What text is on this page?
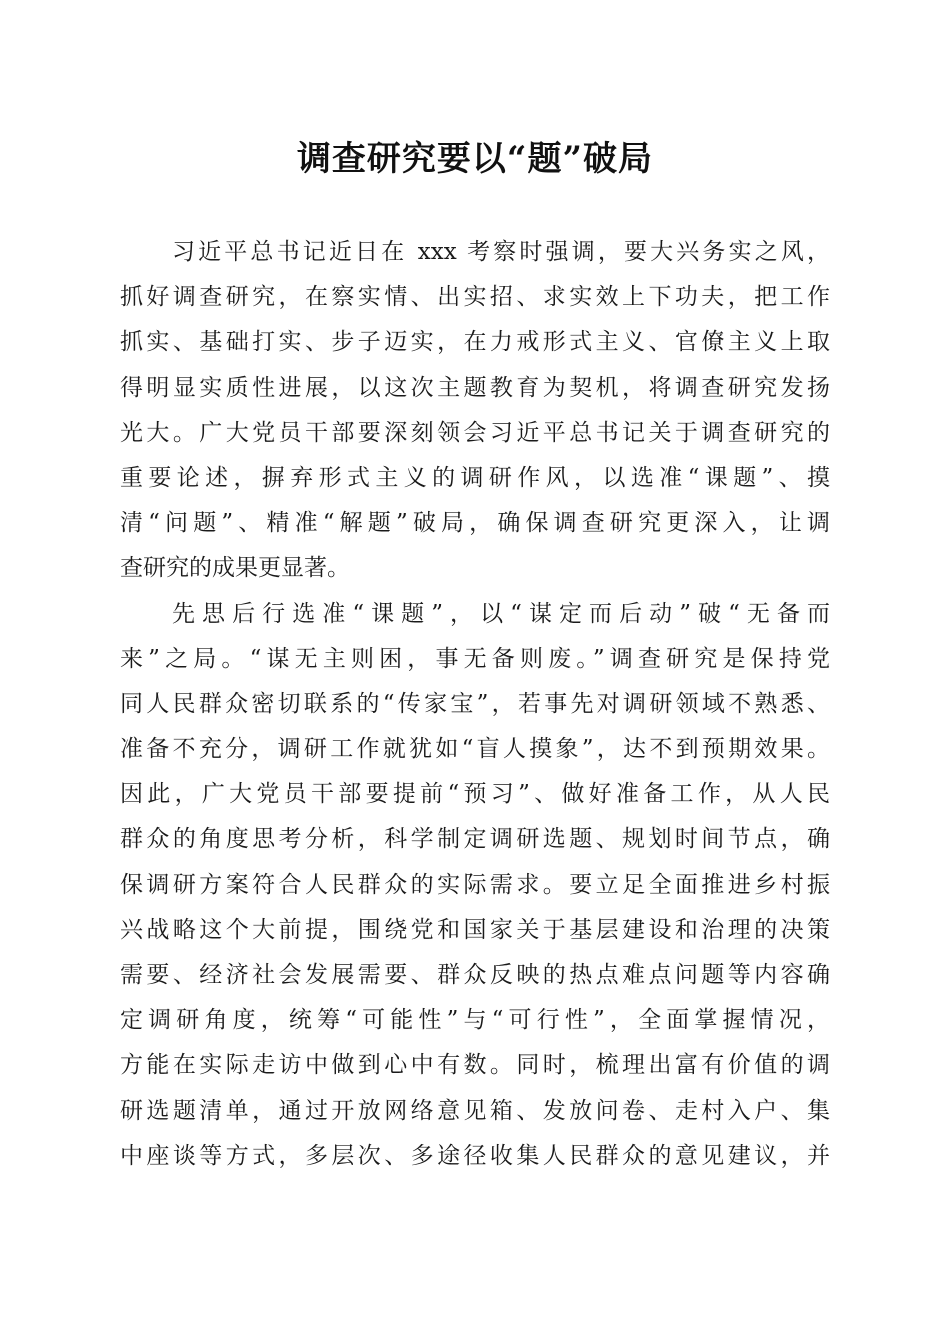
调查研究要以“题”破局
习近平总书记近日在 xxx 考察时强调，要大兴务实之风，
抓好调查研究，在察实情、出实招、求实效上下功夫，把工作
抓实、基础打实、步子迈实，在力戒形式主义、官僚主义上取
得明显实质性进展，以这次主题教育为契机，将调查研究发扬
光大。广大党员干部要深刻领会习近平总书记关于调查研究的
重要论述，摒弃形式主义的调研作风，以选准“课题”、摸
清“问题”、精准“解题”破局，确保调查研究更深入，让调
查研究的成果更显著。
先思后行选准“课题”，以“谋定而后动”破“无备而
来”之局。“谋无主则困，事无备则废。”调查研究是保持党
同人民群众密切联系的“传家宝”，若事先对调研领域不熟悉、
准备不充分，调研工作就犹如“盲人摸象”，达不到预期效果。
因此，广大党员干部要提前“预习”、做好准备工作，从人民
群众的角度思考分析，科学制定调研选题、规划时间节点，确
保调研方案符合人民群众的实际需求。要立足全面推进乡村振
兴战略这个大前提，围绕党和国家关于基层建设和治理的决策
需要、经济社会发展需要、群众反映的热点难点问题等内容确
定调研角度，统筹“可能性”与“可行性”，全面掌握情况，
方能在实际走访中做到心中有数。同时，梳理出富有价值的调
研选题清单，通过开放网络意见箱、发放问卷、走村入户、集
中座谈等方式，多层次、多途径收集人民群众的意见建议，并
